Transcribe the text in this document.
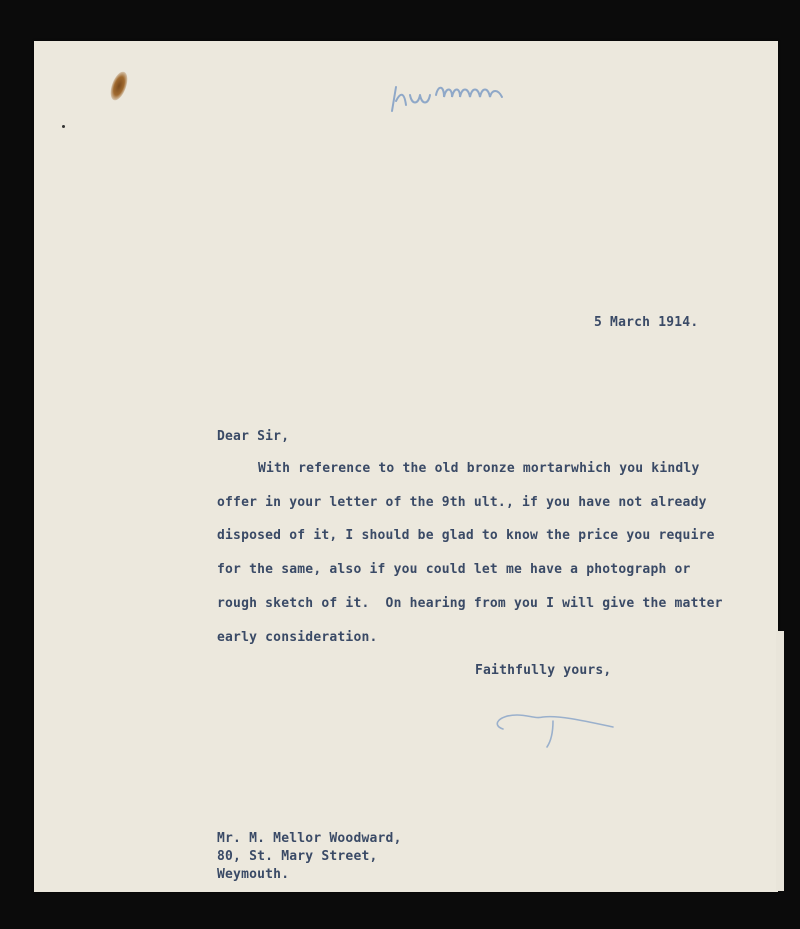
5 March 1914.
Dear Sir,
With reference to the old bronze mortarwhich you kindly
offer in your letter of the 9th ult., if you have not already
disposed of it, I should be glad to know the price you require
for the same, also if you could let me have a photograph or
rough sketch of it.  On hearing from you I will give the matter
early consideration.
Faithfully yours,
Mr. M. Mellor Woodward,
80, St. Mary Street,
Weymouth.
